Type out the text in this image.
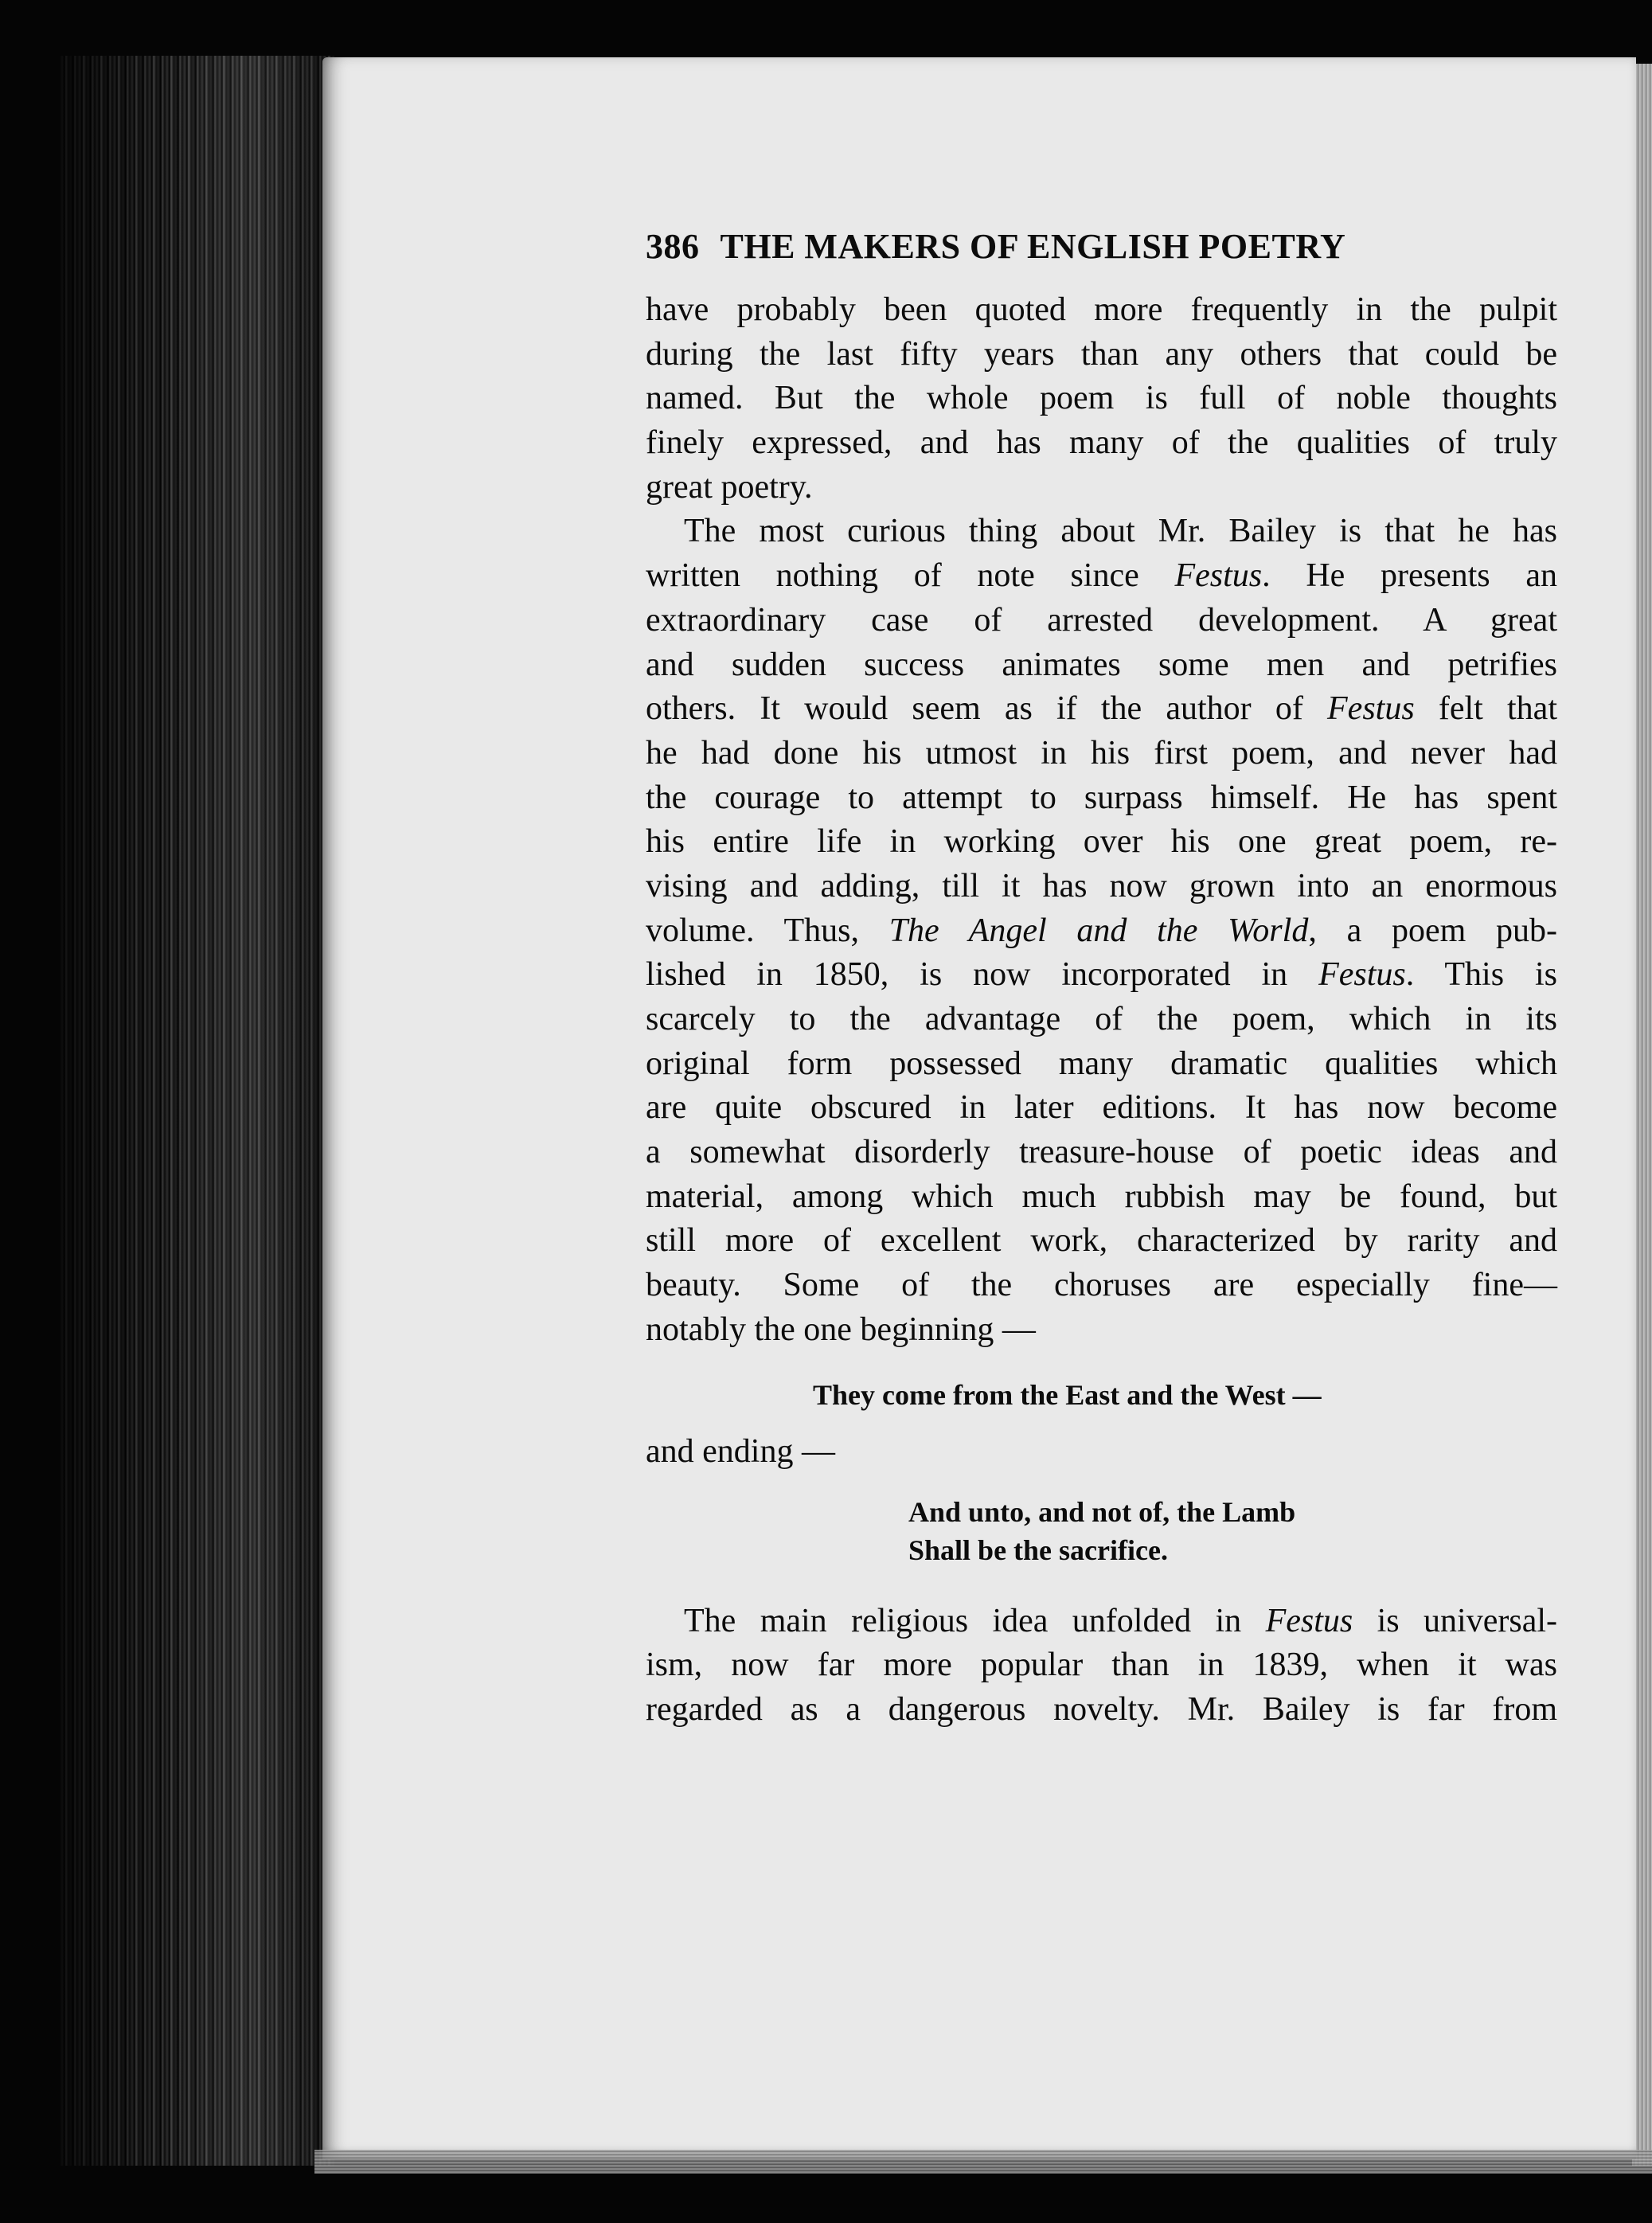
386 THE MAKERS OF ENGLISH POETRY
have probably been quoted more frequently in the pulpit
during the last fifty years than any others that could be
named. But the whole poem is full of noble thoughts
finely expressed, and has many of the qualities of truly
great poetry.
The most curious thing about Mr. Bailey is that he has
written nothing of note since Festus. He presents an
extraordinary case of arrested development. A great
and sudden success animates some men and petrifies
others. It would seem as if the author of Festus felt that
he had done his utmost in his first poem, and never had
the courage to attempt to surpass himself. He has spent
his entire life in working over his one great poem, re-
vising and adding, till it has now grown into an enormous
volume. Thus, The Angel and the World, a poem pub-
lished in 1850, is now incorporated in Festus. This is
scarcely to the advantage of the poem, which in its
original form possessed many dramatic qualities which
are quite obscured in later editions. It has now become
a somewhat disorderly treasure-house of poetic ideas and
material, among which much rubbish may be found, but
still more of excellent work, characterized by rarity and
beauty. Some of the choruses are especially fine—
notably the one beginning —
They come from the East and the West —
and ending —
And unto, and not of, the Lamb
Shall be the sacrifice.
The main religious idea unfolded in Festus is universal-
ism, now far more popular than in 1839, when it was
regarded as a dangerous novelty. Mr. Bailey is far from
